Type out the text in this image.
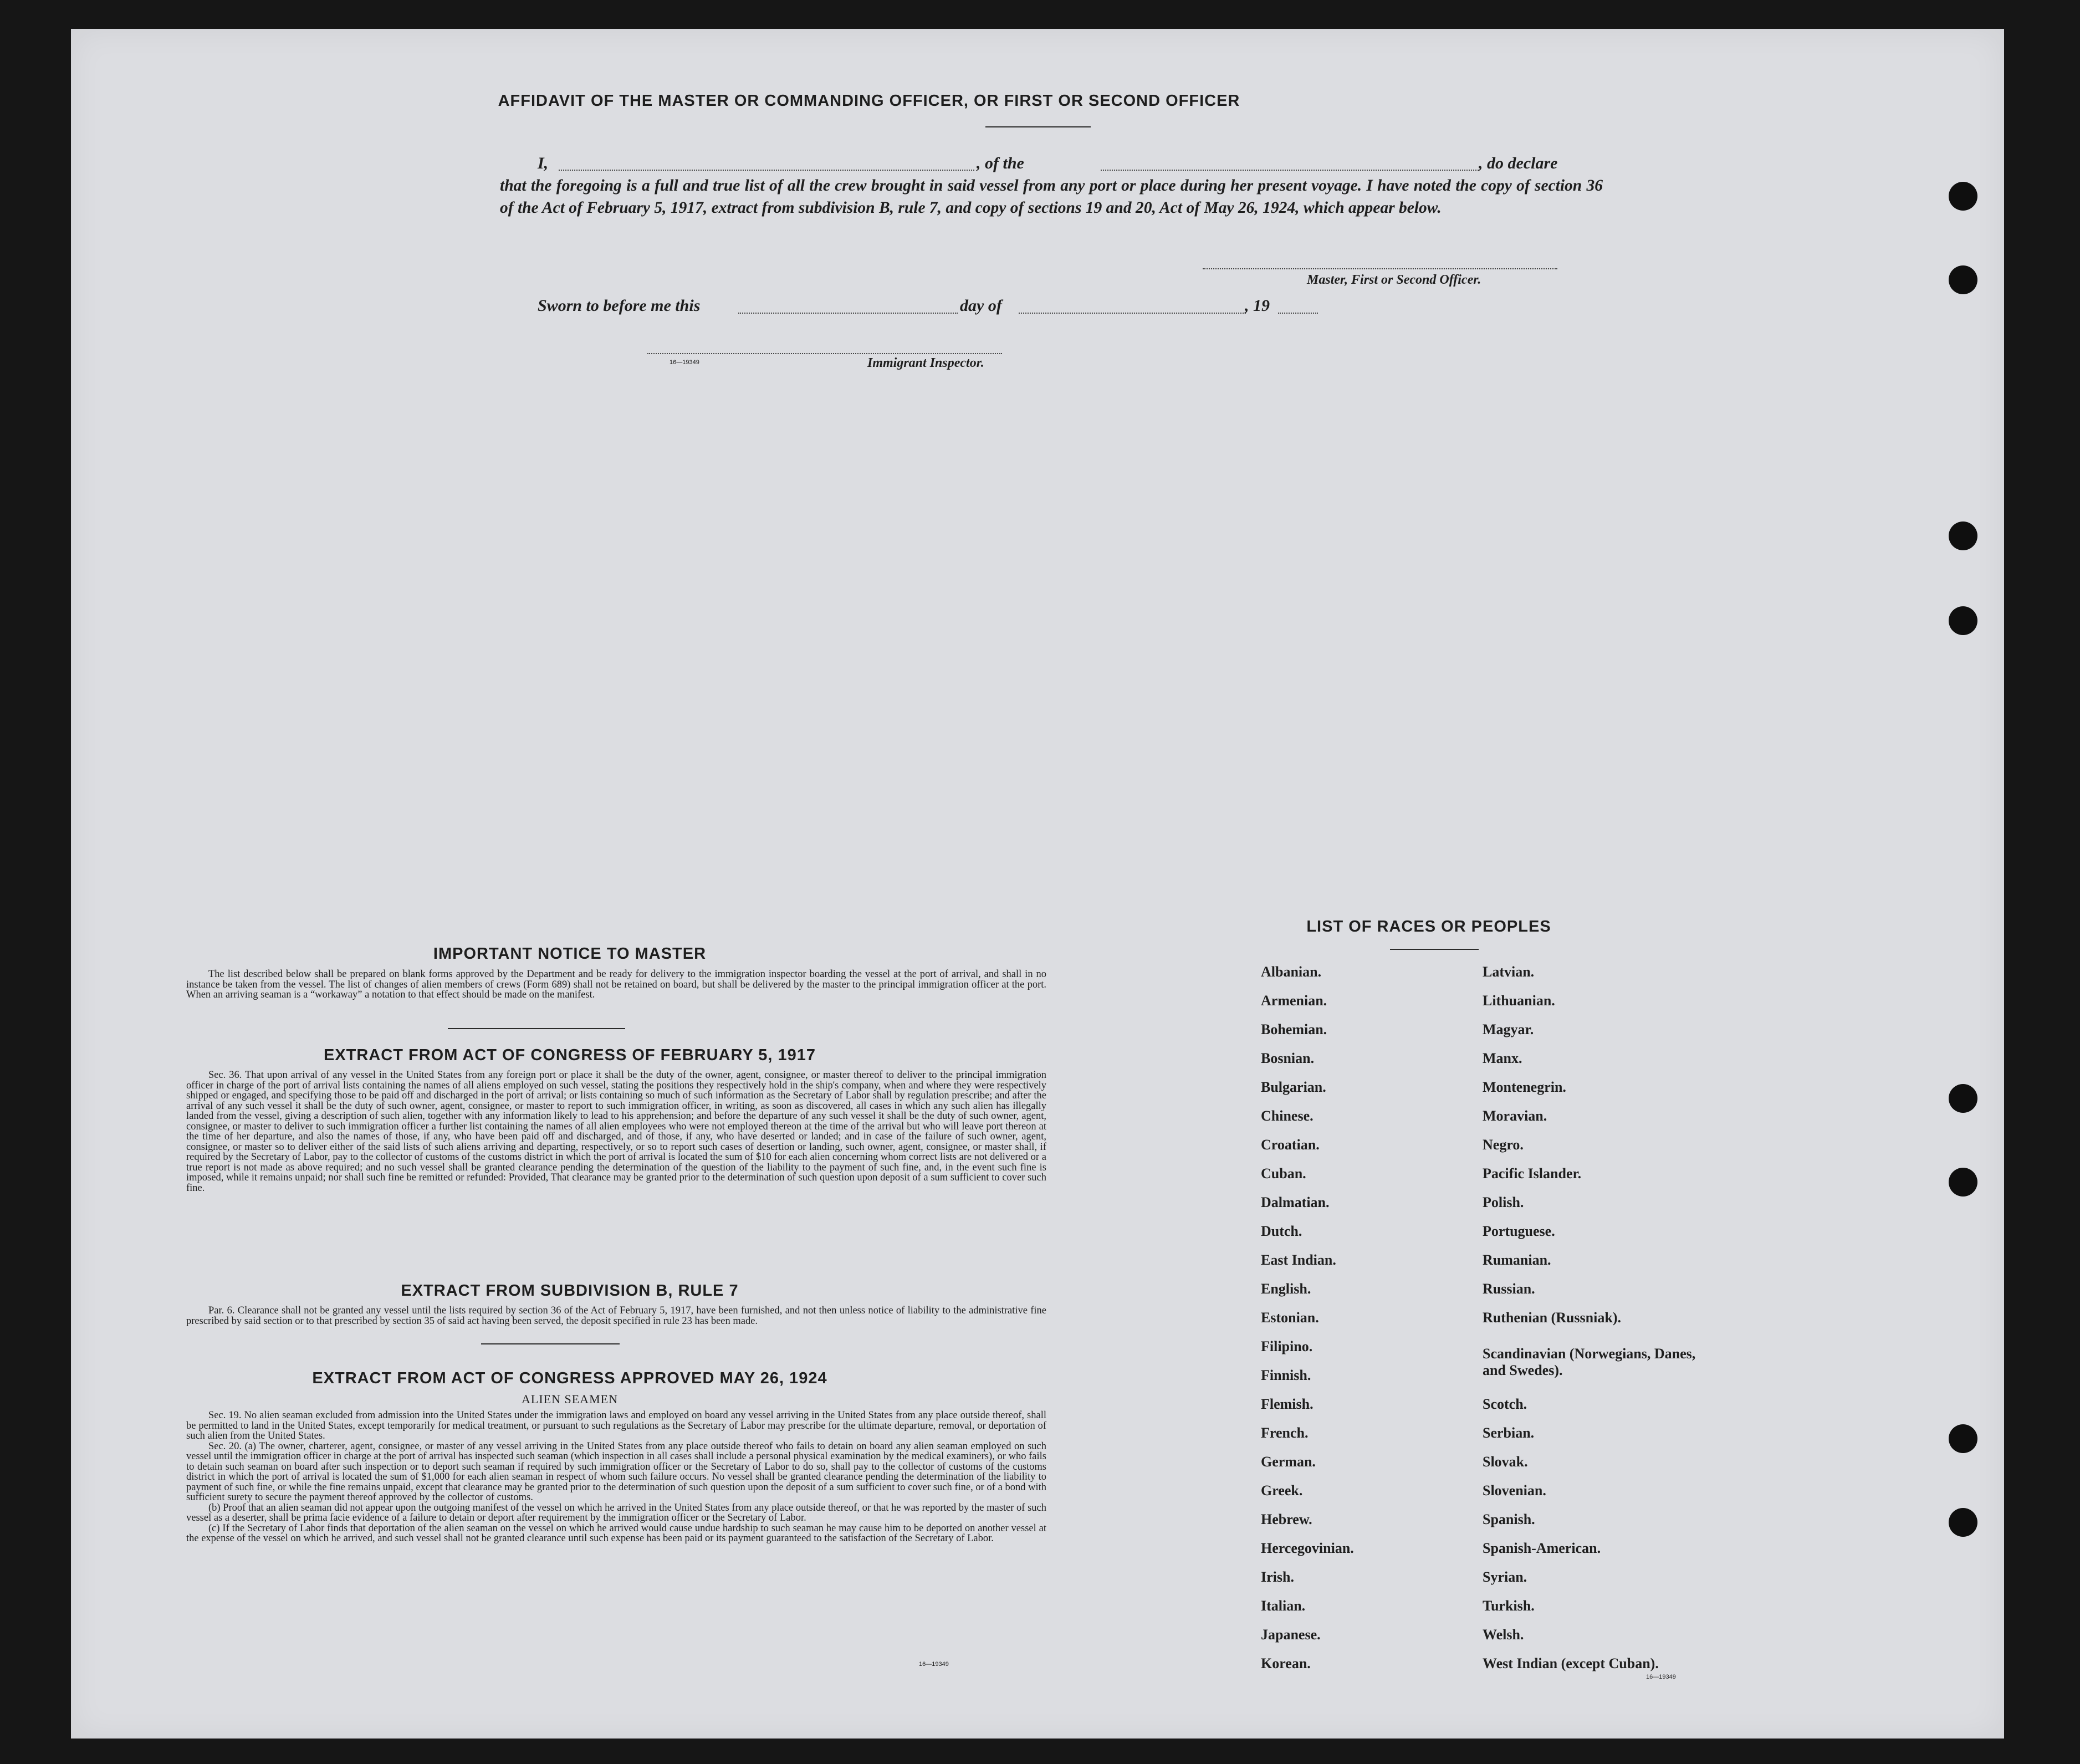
AFFIDAVIT OF THE MASTER OR COMMANDING OFFICER, OR FIRST OR SECOND OFFICER
I,	, of the	, do declare
that the foregoing is a full and true list of all the crew brought in said vessel from any port or place during her present voyage. I have noted the copy of section 36 of the Act of February 5, 1917, extract from subdivision B, rule 7, and copy of sections 19 and 20, Act of May 26, 1924, which appear below.
Master, First or Second Officer.
Sworn to before me this	day of	, 19
16—19349	Immigrant Inspector.
IMPORTANT NOTICE TO MASTER

The list described below shall be prepared on blank forms approved by the Department and be ready for delivery to the immigration inspector boarding the vessel at the port of arrival, and shall in no instance be taken from the vessel. The list of changes of alien members of crews (Form 689) shall not be retained on board, but shall be delivered by the master to the principal immigration officer at the port. When an arriving seaman is a “workaway” a notation to that effect should be made on the manifest.

EXTRACT FROM ACT OF CONGRESS OF FEBRUARY 5, 1917

Sec. 36. That upon arrival of any vessel in the United States from any foreign port or place it shall be the duty of the owner, agent, consignee, or master thereof to deliver to the principal immigration officer in charge of the port of arrival lists containing the names of all aliens employed on such vessel, stating the positions they respectively hold in the ship's company, when and where they were respectively shipped or engaged, and specifying those to be paid off and discharged in the port of arrival; or lists containing so much of such information as the Secretary of Labor shall by regulation prescribe; and after the arrival of any such vessel it shall be the duty of such owner, agent, consignee, or master to report to such immigration officer, in writing, as soon as discovered, all cases in which any such alien has illegally landed from the vessel, giving a description of such alien, together with any information likely to lead to his apprehension; and before the departure of any such vessel it shall be the duty of such owner, agent, consignee, or master to deliver to such immigration officer a further list containing the names of all alien employees who were not employed thereon at the time of the arrival but who will leave port thereon at the time of her departure, and also the names of those, if any, who have been paid off and discharged, and of those, if any, who have deserted or landed; and in case of the failure of such owner, agent, consignee, or master so to deliver either of the said lists of such aliens arriving and departing, respectively, or so to report such cases of desertion or landing, such owner, agent, consignee, or master shall, if required by the Secretary of Labor, pay to the collector of customs of the customs district in which the port of arrival is located the sum of $10 for each alien concerning whom correct lists are not delivered or a true report is not made as above required; and no such vessel shall be granted clearance pending the determination of the question of the liability to the payment of such fine, and, in the event such fine is imposed, while it remains unpaid; nor shall such fine be remitted or refunded: Provided, That clearance may be granted prior to the determination of such question upon deposit of a sum sufficient to cover such fine.

EXTRACT FROM SUBDIVISION B, RULE 7

Par. 6. Clearance shall not be granted any vessel until the lists required by section 36 of the Act of February 5, 1917, have been furnished, and not then unless notice of liability to the administrative fine prescribed by said section or to that prescribed by section 35 of said act having been served, the deposit specified in rule 23 has been made.

EXTRACT FROM ACT OF CONGRESS APPROVED MAY 26, 1924
ALIEN SEAMEN

Sec. 19. No alien seaman excluded from admission into the United States under the immigration laws and employed on board any vessel arriving in the United States from any place outside thereof, shall be permitted to land in the United States, except temporarily for medical treatment, or pursuant to such regulations as the Secretary of Labor may prescribe for the ultimate departure, removal, or deportation of such alien from the United States.

Sec. 20. (a) The owner, charterer, agent, consignee, or master of any vessel arriving in the United States from any place outside thereof who fails to detain on board any alien seaman employed on such vessel until the immigration officer in charge at the port of arrival has inspected such seaman (which inspection in all cases shall include a personal physical examination by the medical examiners), or who fails to detain such seaman on board after such inspection or to deport such seaman if required by such immigration officer or the Secretary of Labor to do so, shall pay to the collector of customs of the customs district in which the port of arrival is located the sum of $1,000 for each alien seaman in respect of whom such failure occurs. No vessel shall be granted clearance pending the determination of the liability to payment of such fine, or while the fine remains unpaid, except that clearance may be granted prior to the determination of such question upon the deposit of a sum sufficient to cover such fine, or of a bond with sufficient surety to secure the payment thereof approved by the collector of customs.

(b) Proof that an alien seaman did not appear upon the outgoing manifest of the vessel on which he arrived in the United States from any place outside thereof, or that he was reported by the master of such vessel as a deserter, shall be prima facie evidence of a failure to detain or deport after requirement by the immigration officer or the Secretary of Labor.

(c) If the Secretary of Labor finds that deportation of the alien seaman on the vessel on which he arrived would cause undue hardship to such seaman he may cause him to be deported on another vessel at the expense of the vessel on which he arrived, and such vessel shall not be granted clearance until such expense has been paid or its payment guaranteed to the satisfaction of the Secretary of Labor.

16—19349
LIST OF RACES OR PEOPLES
Albanian.
Armenian.
Bohemian.
Bosnian.
Bulgarian.
Chinese.
Croatian.
Cuban.
Dalmatian.
Dutch.
East Indian.
English.
Estonian.
Filipino.
Finnish.
Flemish.
French.
German.
Greek.
Hebrew.
Hercegovinian.
Irish.
Italian.
Japanese.
Korean.
Latvian.
Lithuanian.
Magyar.
Manx.
Montenegrin.
Moravian.
Negro.
Pacific Islander.
Polish.
Portuguese.
Rumanian.
Russian.
Ruthenian (Russniak).
Scandinavian (Norwegians, Danes, and Swedes).
Scotch.
Serbian.
Slovak.
Slovenian.
Spanish.
Spanish-American.
Syrian.
Turkish.
Welsh.
West Indian (except Cuban).
16—19349
